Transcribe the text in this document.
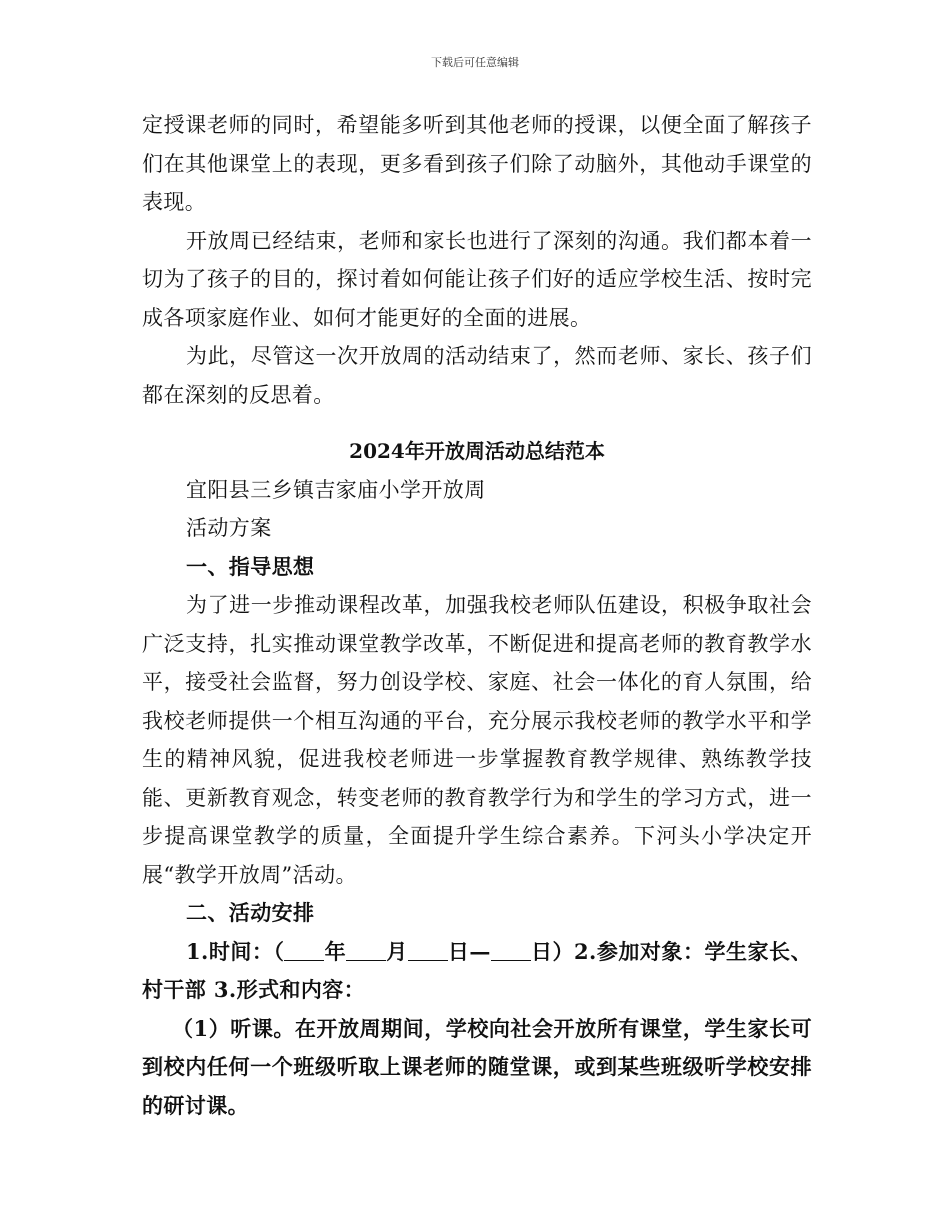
下载后可任意编辑

定授课老师的同时，希望能多听到其他老师的授课，以便全面了解孩子们在其他课堂上的表现，更多看到孩子们除了动脑外，其他动手课堂的表现。

开放周已经结束，老师和家长也进行了深刻的沟通。我们都本着一切为了孩子的目的，探讨着如何能让孩子们好的适应学校生活、按时完成各项家庭作业、如何才能更好的全面的进展。

为此，尽管这一次开放周的活动结束了，然而老师、家长、孩子们都在深刻的反思着。

2024年开放周活动总结范本

宜阳县三乡镇吉家庙小学开放周

活动方案

一、指导思想

为了进一步推动课程改革，加强我校老师队伍建设，积极争取社会广泛支持，扎实推动课堂教学改革，不断促进和提高老师的教育教学水平，接受社会监督，努力创设学校、家庭、社会一体化的育人氛围，给我校老师提供一个相互沟通的平台，充分展示我校老师的教学水平和学生的精神风貌，促进我校老师进一步掌握教育教学规律、熟练教学技能、更新教育观念，转变老师的教育教学行为和学生的学习方式，进一步提高课堂教学的质量，全面提升学生综合素养。下河头小学决定开展“教学开放周”活动。

二、活动安排

1.时间：（ 年 月 日— 日）2.参加对象：学生家长、村干部 3.形式和内容：

（1）听课。在开放周期间，学校向社会开放所有课堂，学生家长可到校内任何一个班级听取上课老师的随堂课，或到某些班级听学校安排的研讨课。
